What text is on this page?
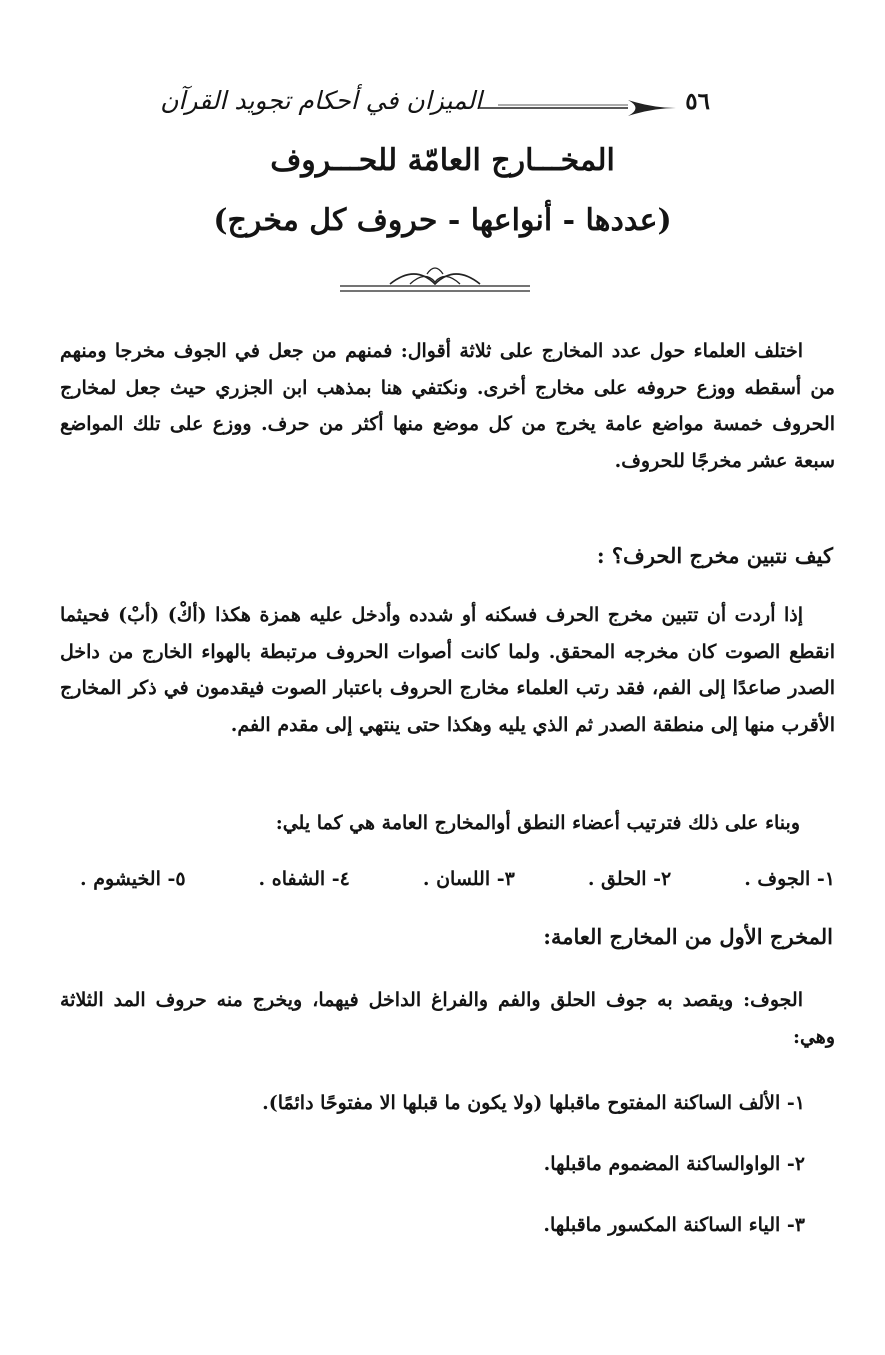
الميزان في أحكام تجويد القرآن	٥٦
المخـــارج العامّة للحـــروف
(عددها - أنواعها - حروف كل مخرج)

اختلف العلماء حول عدد المخارج على ثلاثة أقوال: فمنهم من جعل في الجوف مخرجا ومنهم من أسقطه ووزع حروفه على مخارج أخرى. ونكتفي هنا بمذهب ابن الجزري حيث جعل لمخارج الحروف خمسة مواضع عامة يخرج من كل موضع منها أكثر من حرف. ووزع على تلك المواضع سبعة عشر مخرجًا للحروف.

كيف نتبين مخرج الحرف؟ :

إذا أردت أن تتبين مخرج الحرف فسكنه أو شدده وأدخل عليه همزة هكذا (أكْ) (أبْ) فحيثما انقطع الصوت كان مخرجه المحقق. ولما كانت أصوات الحروف مرتبطة بالهواء الخارج من داخل الصدر صاعدًا إلى الفم، فقد رتب العلماء مخارج الحروف باعتبار الصوت فيقدمون في ذكر المخارج الأقرب منها إلى منطقة الصدر ثم الذي يليه وهكذا حتى ينتهي إلى مقدم الفم.

وبناء على ذلك فترتيب أعضاء النطق أوالمخارج العامة هي كما يلي:

١- الجوف .
٢- الحلق .
٣- اللسان .
٤- الشفاه .
٥- الخيشوم .
المخرج الأول من المخارج العامة:

الجوف: ويقصد به جوف الحلق والفم والفراغ الداخل فيهما، ويخرج منه حروف المد الثلاثة وهي:

١- الألف الساكنة المفتوح ماقبلها (ولا يكون ما قبلها الا مفتوحًا دائمًا).

٢- الواوالساكنة المضموم ماقبلها.

٣- الياء الساكنة المكسور ماقبلها.
